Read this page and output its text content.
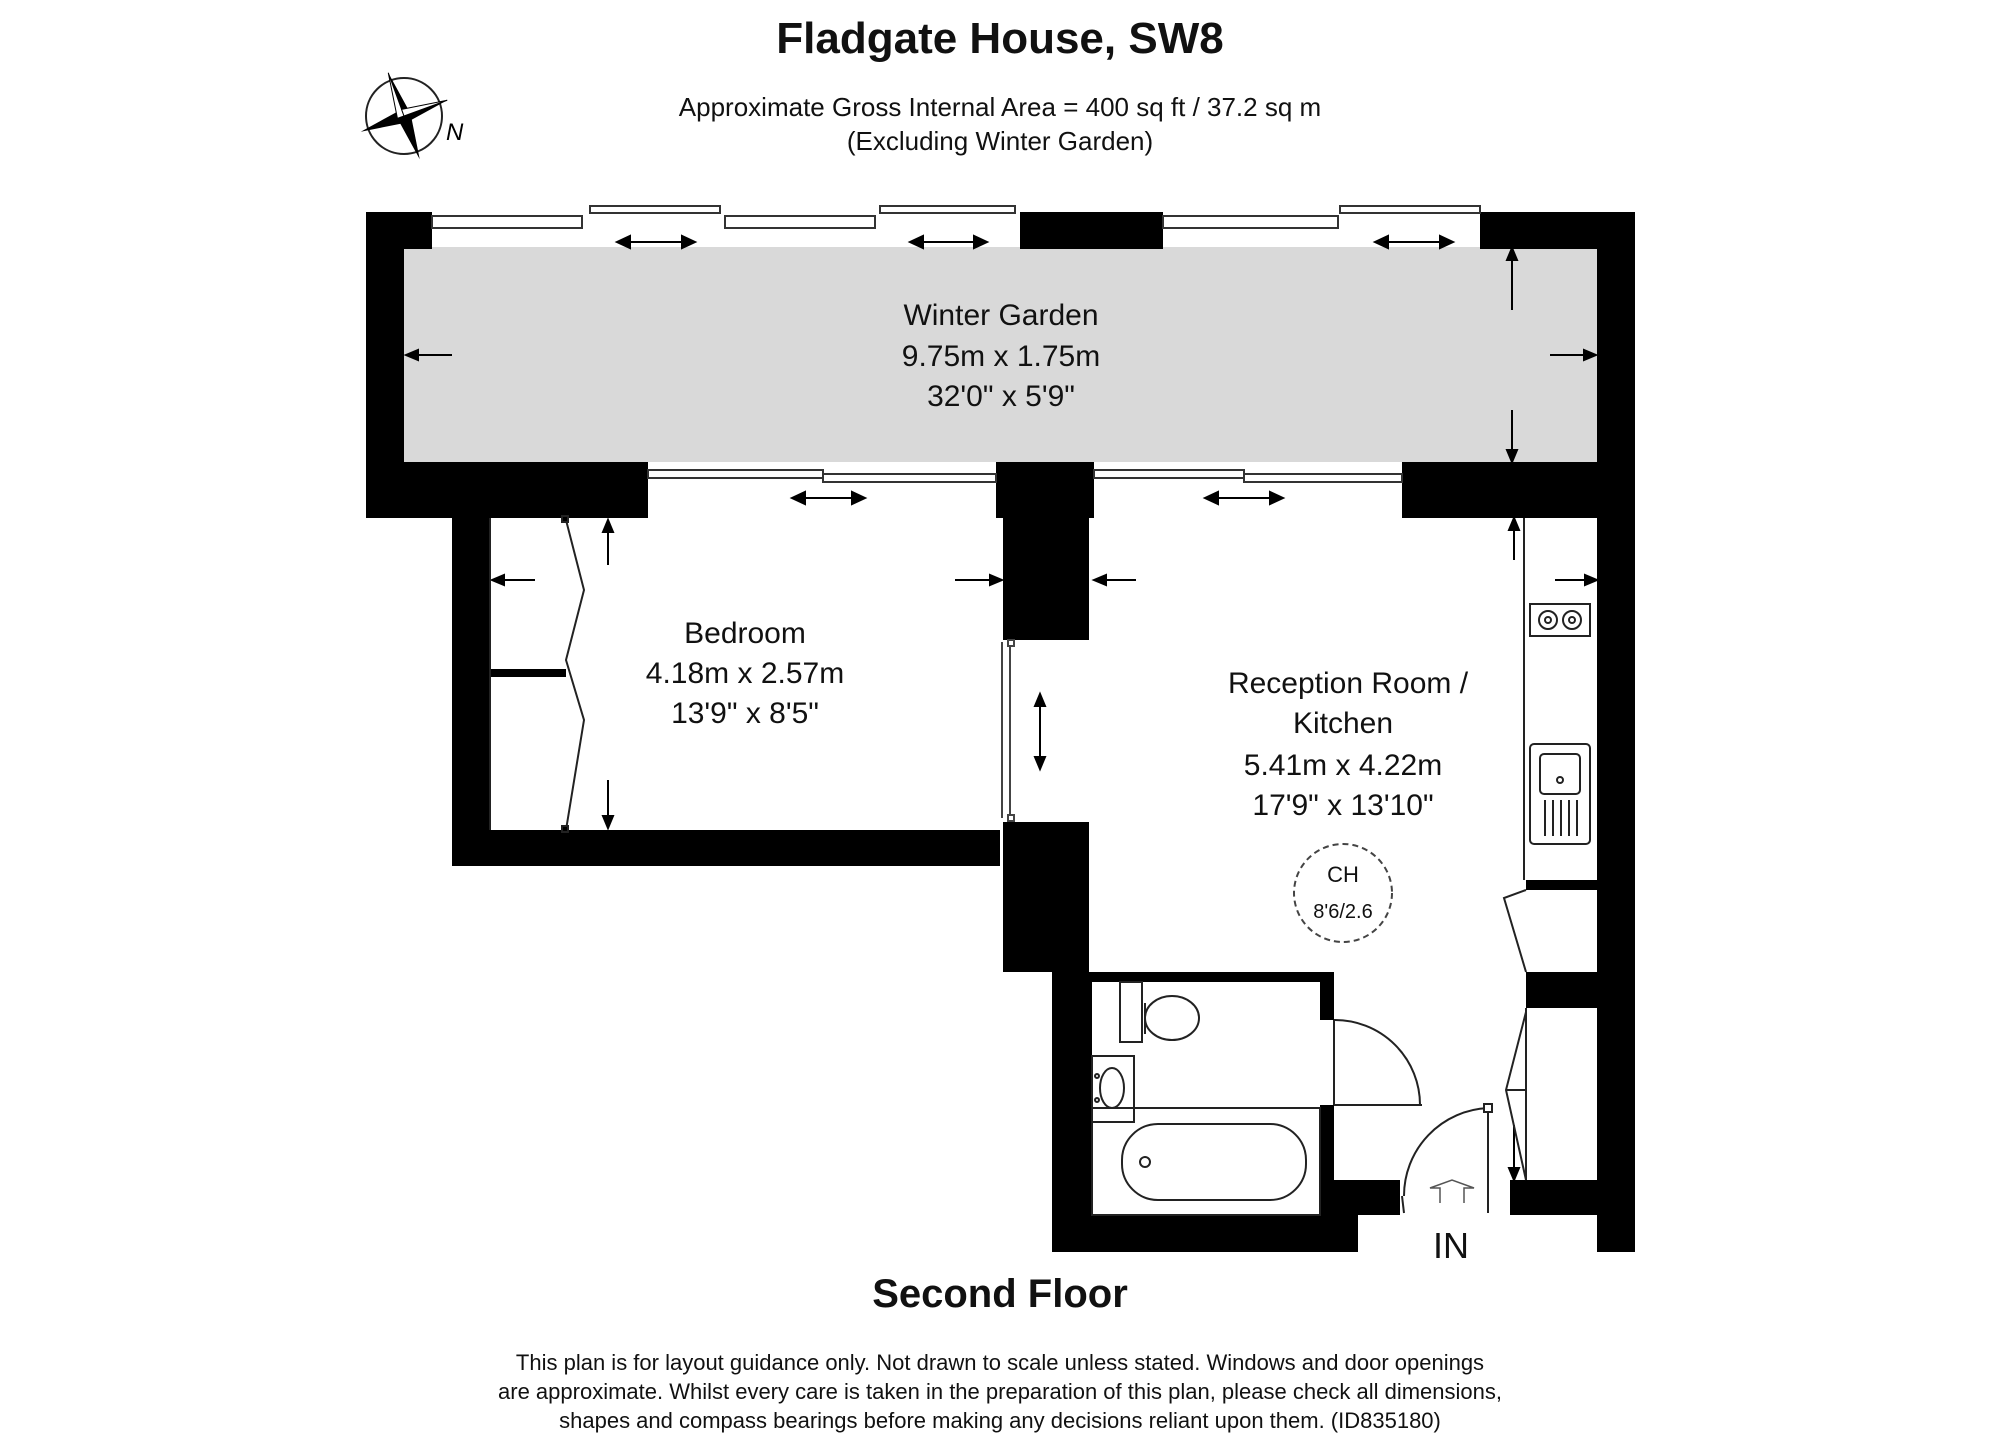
Fladgate House, SW8
Approximate Gross Internal Area = 400 sq ft / 37.2 sq m
(Excluding Winter Garden)
N
Winter Garden
9.75m x 1.75m
32'0" x 5'9"
Bedroom
4.18m x 2.57m
13'9" x 8'5"
Reception Room /
Kitchen
5.41m x 4.22m
17'9" x 13'10"
CH
8'6/2.6
IN
Second Floor
This plan is for layout guidance only. Not drawn to scale unless stated. Windows and door openings
are approximate. Whilst every care is taken in the preparation of this plan, please check all dimensions,
shapes and compass bearings before making any decisions reliant upon them. (ID835180)
